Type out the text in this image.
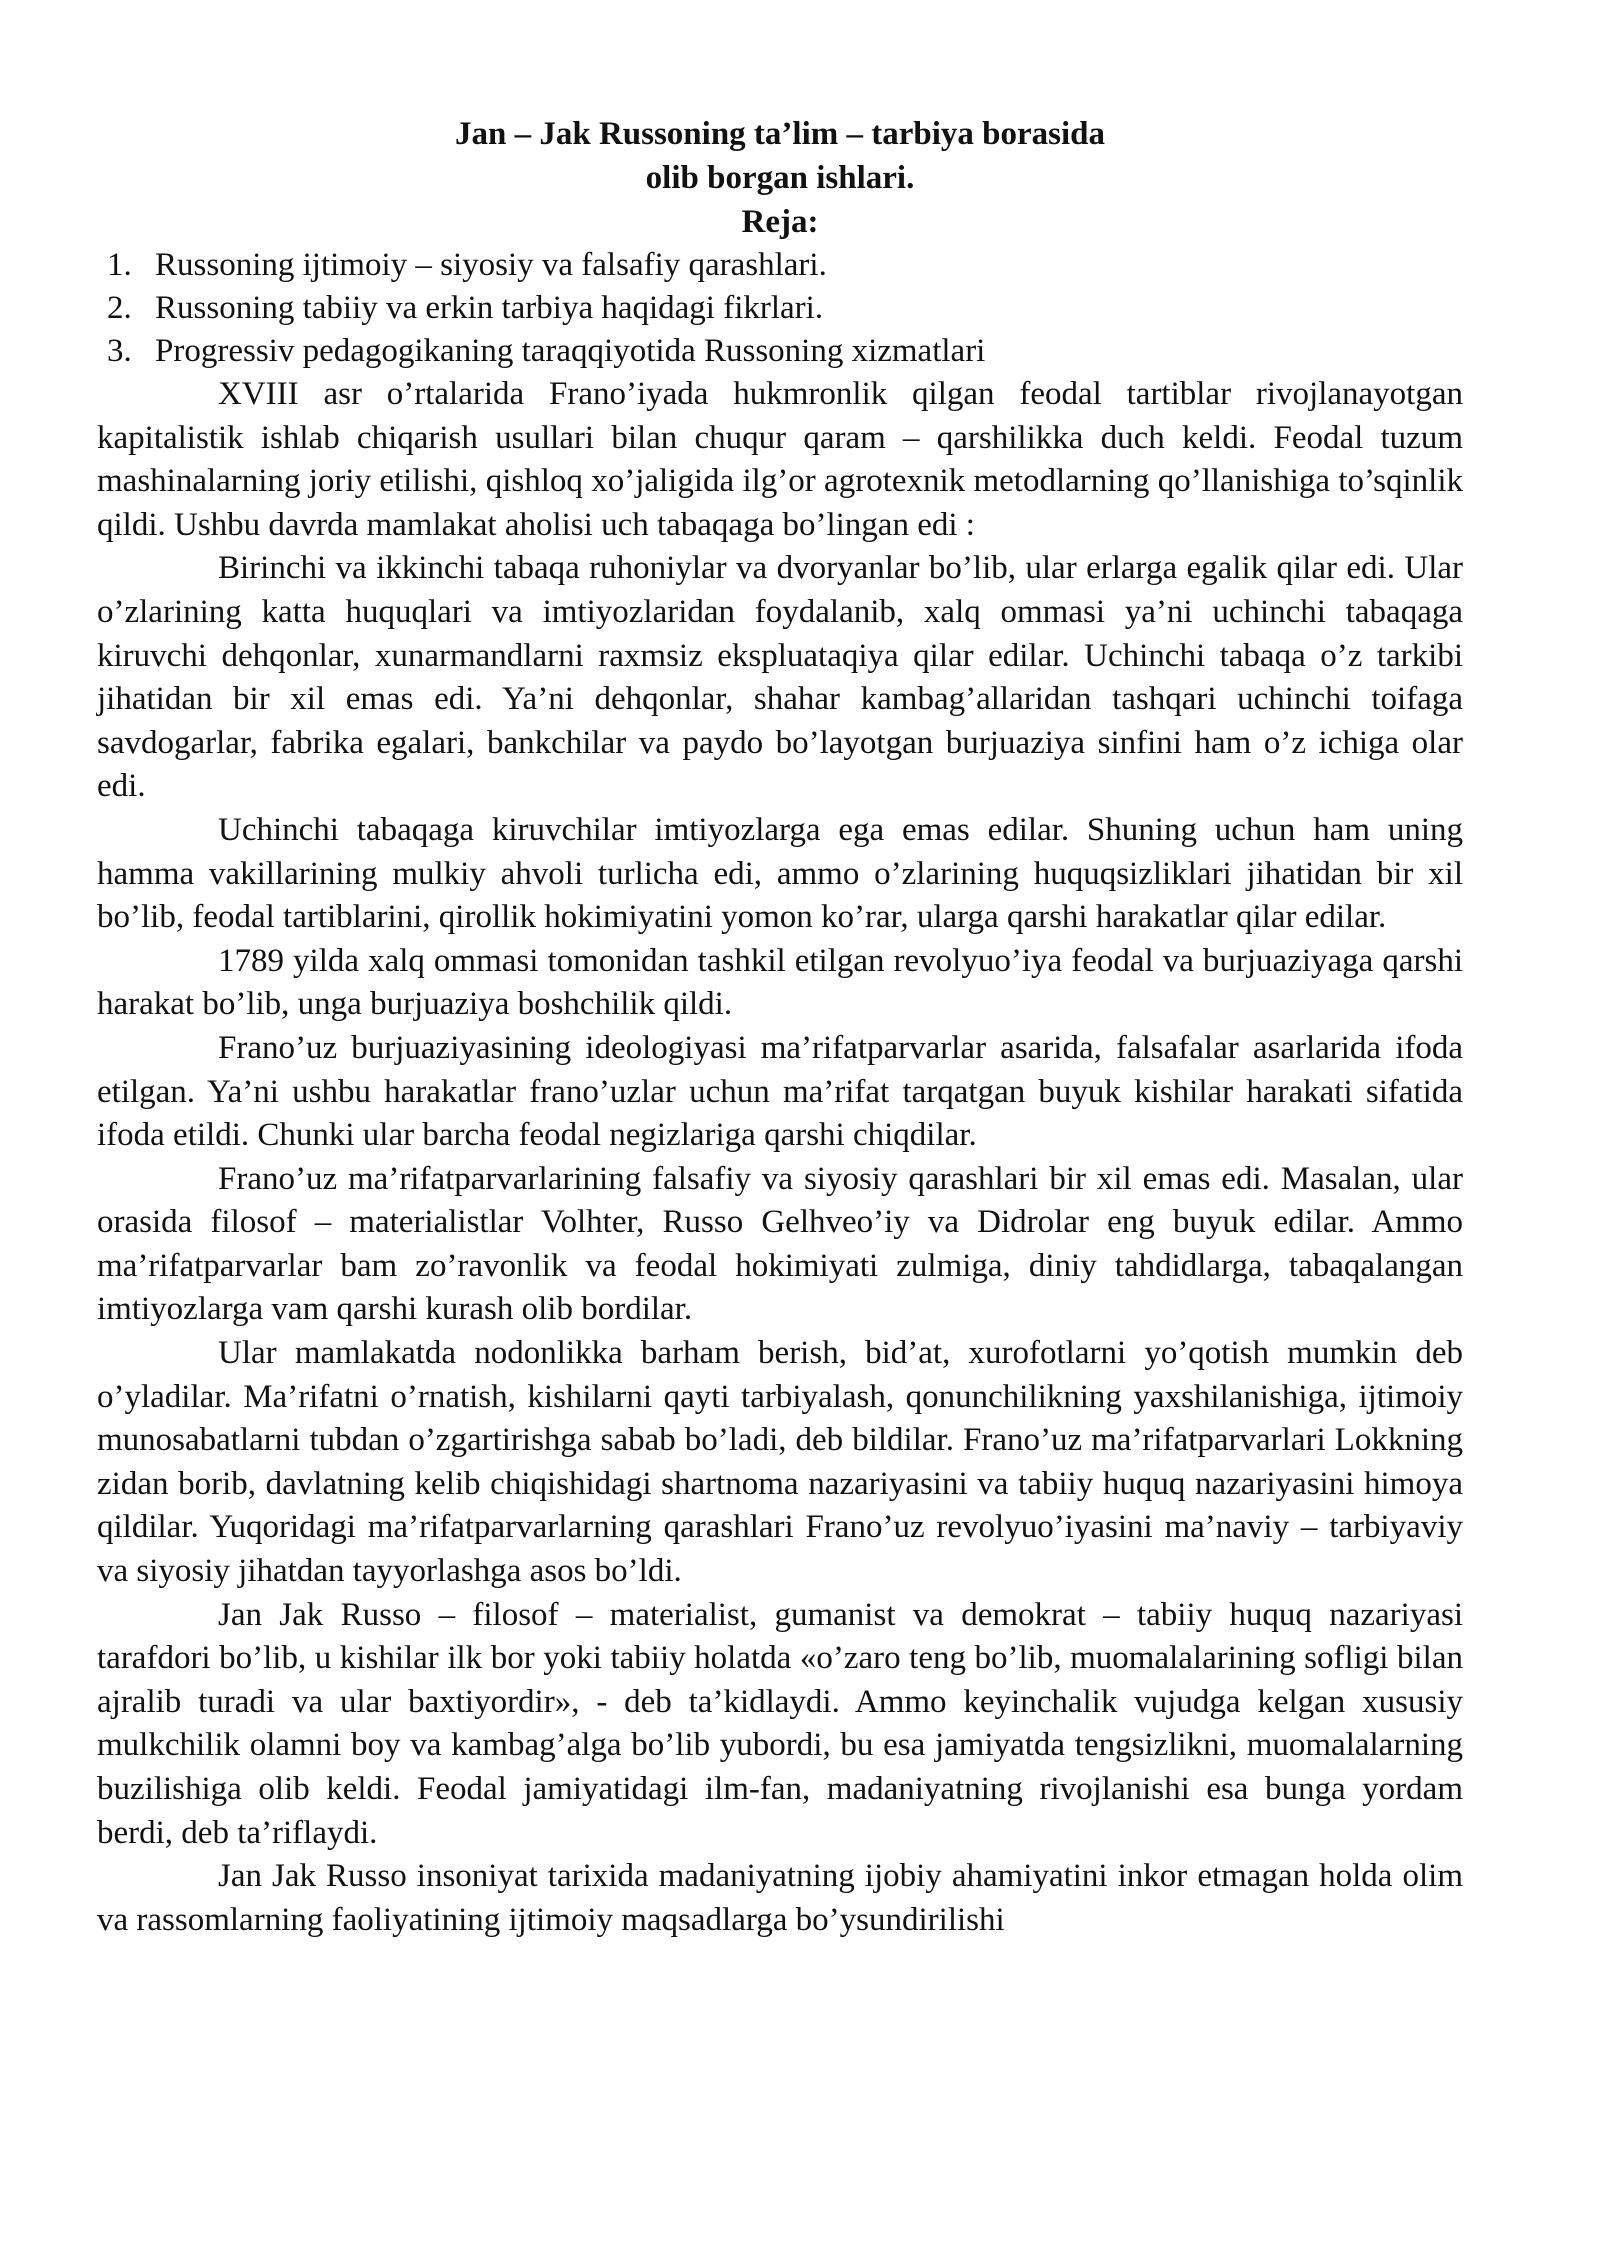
Jan – Jak Russoning ta’lim – tarbiya borasida

olib borgan ishlari.

Reja:

1. Russoning ijtimoiy – siyosiy va falsafiy qarashlari.
2. Russoning tabiiy va erkin tarbiya haqidagi fikrlari.
3. Progressiv pedagogikaning taraqqiyotida Russoning xizmatlari

XVIII asr o’rtalarida Frano’iyada hukmronlik qilgan feodal tartiblar rivojlanayotgan kapitalistik ishlab chiqarish usullari bilan chuqur qaram – qarshilikka duch keldi. Feodal tuzum mashinalarning joriy etilishi, qishloq xo’jaligida ilg’or agrotexnik metodlarning qo’llanishiga to’sqinlik qildi. Ushbu davrda mamlakat aholisi uch tabaqaga bo’lingan edi :

Birinchi va ikkinchi tabaqa ruhoniylar va dvoryanlar bo’lib, ular erlarga egalik qilar edi. Ular o’zlarining katta huquqlari va imtiyozlaridan foydalanib, xalq ommasi ya’ni uchinchi tabaqaga kiruvchi dehqonlar, xunarmandlarni raxmsiz ekspluataqiya qilar edilar. Uchinchi tabaqa o’z tarkibi jihatidan bir xil emas edi. Ya’ni dehqonlar, shahar kambag’allaridan tashqari uchinchi toifaga savdogarlar, fabrika egalari, bankchilar va paydo bo’layotgan burjuaziya sinfini ham o’z ichiga olar edi.

Uchinchi tabaqaga kiruvchilar imtiyozlarga ega emas edilar. Shuning uchun ham uning hamma vakillarining mulkiy ahvoli turlicha edi, ammo o’zlarining huquqsizliklari jihatidan bir xil bo’lib, feodal tartiblarini, qirollik hokimiyatini yomon ko’rar, ularga qarshi harakatlar qilar edilar.

1789 yilda xalq ommasi tomonidan tashkil etilgan revolyuo’iya feodal va burjuaziyaga qarshi harakat bo’lib, unga burjuaziya boshchilik qildi.

Frano’uz burjuaziyasining ideologiyasi ma’rifatparvarlar asarida, falsafalar asarlarida ifoda etilgan. Ya’ni ushbu harakatlar frano’uzlar uchun ma’rifat tarqatgan buyuk kishilar harakati sifatida ifoda etildi. Chunki ular barcha feodal negizlariga qarshi chiqdilar.

Frano’uz ma’rifatparvarlarining falsafiy va siyosiy qarashlari bir xil emas edi. Masalan, ular orasida filosof – materialistlar Volhter, Russo Gelhveo’iy va Didrolar eng buyuk edilar. Ammo ma’rifatparvarlar bam zo’ravonlik va feodal hokimiyati zulmiga, diniy tahdidlarga, tabaqalangan imtiyozlarga vam qarshi kurash olib bordilar.

Ular mamlakatda nodonlikka barham berish, bid’at, xurofotlarni yo’qotish mumkin deb o’yladilar. Ma’rifatni o’rnatish, kishilarni qayti tarbiyalash, qonunchilikning yaxshilanishiga, ijtimoiy munosabatlarni tubdan o’zgartirishga sabab bo’ladi, deb bildilar. Frano’uz ma’rifatparvarlari Lokkning zidan borib, davlatning kelib chiqishidagi shartnoma nazariyasini va tabiiy huquq nazariyasini himoya qildilar. Yuqoridagi ma’rifatparvarlarning qarashlari Frano’uz revolyuo’iyasini ma’naviy – tarbiyaviy va siyosiy jihatdan tayyorlashga asos bo’ldi.

Jan Jak Russo – filosof – materialist, gumanist va demokrat – tabiiy huquq nazariyasi tarafdori bo’lib, u kishilar ilk bor yoki tabiiy holatda «o’zaro teng bo’lib, muomalalarining sofligi bilan ajralib turadi va ular baxtiyordir», - deb ta’kidlaydi. Ammo keyinchalik vujudga kelgan xususiy mulkchilik olamni boy va kambag’alga bo’lib yubordi, bu esa jamiyatda tengsizlikni, muomalalarning buzilishiga olib keldi. Feodal jamiyatidagi ilm-fan, madaniyatning rivojlanishi esa bunga yordam berdi, deb ta’riflaydi.

Jan Jak Russo insoniyat tarixida madaniyatning ijobiy ahamiyatini inkor etmagan holda olim va rassomlarning faoliyatining ijtimoiy maqsadlarga bo’ysundirilishi
